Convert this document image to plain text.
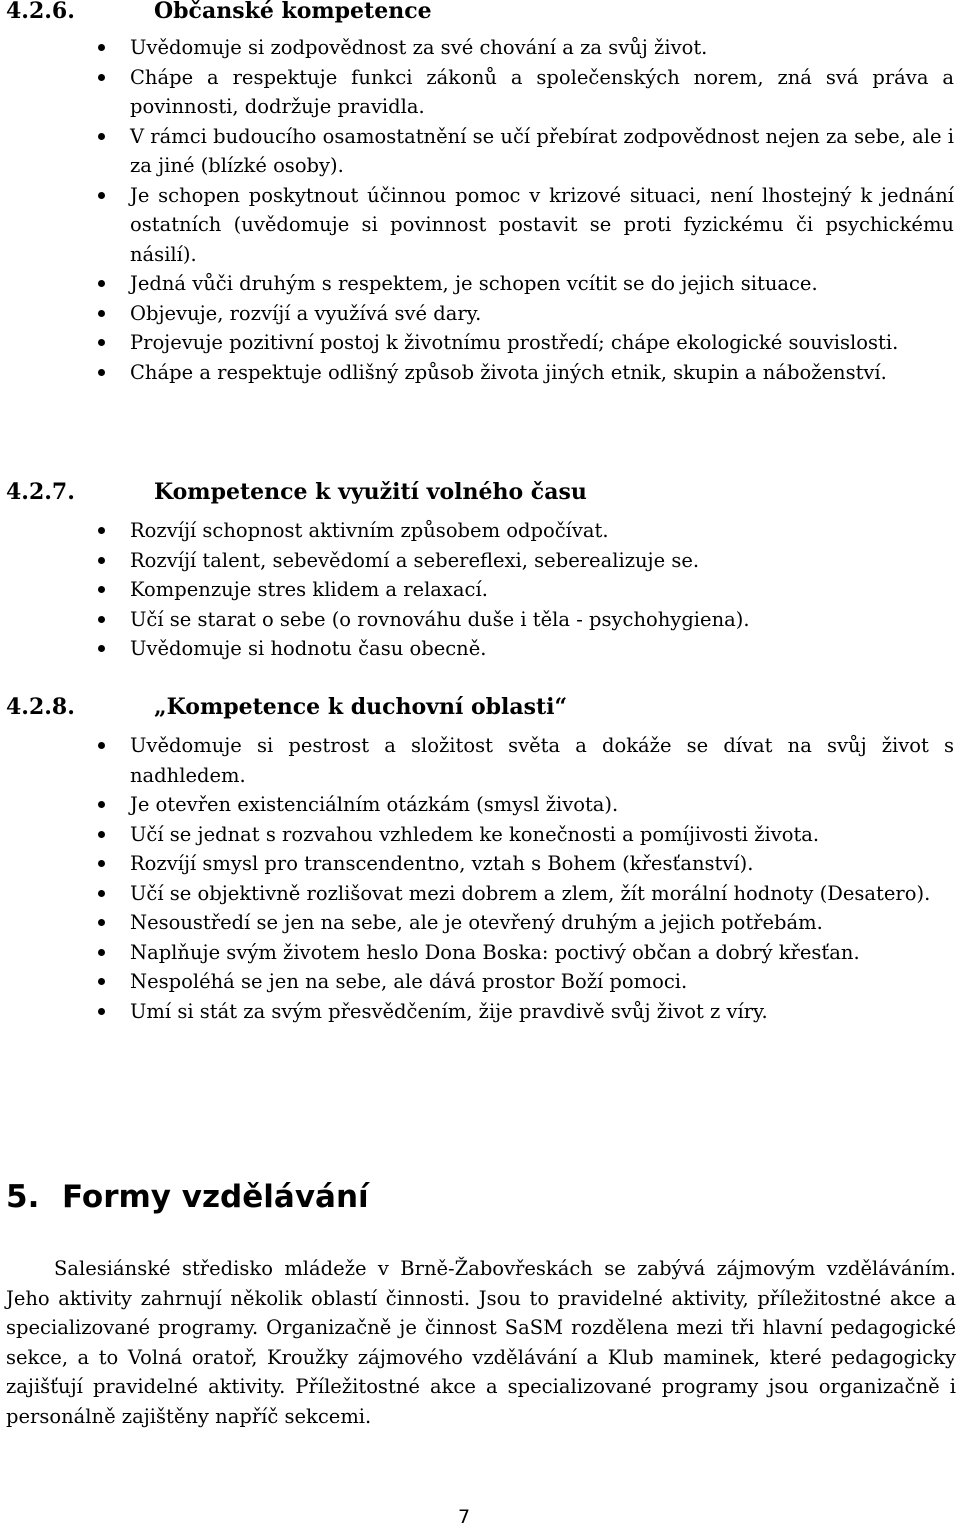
4.2.6.	Občanské kompetence
Uvědomuje si zodpovědnost za své chování a za svůj život.
Chápe a respektuje funkci zákonů a společenských norem, zná svá práva a povinnosti, dodržuje pravidla.
V rámci budoucího osamostatnění se učí přebírat zodpovědnost nejen za sebe, ale i za jiné (blízké osoby).
Je schopen poskytnout účinnou pomoc v krizové situaci, není lhostejný k jednání ostatních (uvědomuje si povinnost postavit se proti fyzickému či psychickému násilí).
Jedná vůči druhým s respektem, je schopen vcítit se do jejich situace.
Objevuje, rozvíjí a využívá své dary.
Projevuje pozitivní postoj k životnímu prostředí; chápe ekologické souvislosti.
Chápe a respektuje odlišný způsob života jiných etnik, skupin a náboženství.
4.2.7.	Kompetence k využití volného času
Rozvíjí schopnost aktivním způsobem odpočívat.
Rozvíjí talent, sebevědomí a sebereflexi, seberealizuje se.
Kompenzuje stres klidem a relaxací.
Učí se starat o sebe (o rovnováhu duše i těla - psychohygiena).
Uvědomuje si hodnotu času obecně.
4.2.8.	„Kompetence k duchovní oblasti“
Uvědomuje si pestrost a složitost světa a dokáže se dívat na svůj život s nadhledem.
Je otevřen existenciálním otázkám (smysl života).
Učí se jednat s rozvahou vzhledem ke konečnosti a pomíjivosti života.
Rozvíjí smysl pro transcendentno, vztah s Bohem (křesťanství).
Učí se objektivně rozlišovat mezi dobrem a zlem, žít morální hodnoty (Desatero).
Nesoustředí se jen na sebe, ale je otevřený druhým a jejich potřebám.
Naplňuje svým životem heslo Dona Boska: poctivý občan a dobrý křesťan.
Nespoléhá se jen na sebe, ale dává prostor Boží pomoci.
Umí si stát za svým přesvědčením, žije pravdivě svůj život z víry.
5. Formy vzdělávání

Salesiánské středisko mládeže v Brně-Žabovřeskách se zabývá zájmovým vzděláváním. Jeho aktivity zahrnují několik oblastí činnosti. Jsou to pravidelné aktivity, příležitostné akce a specializované programy. Organizačně je činnost SaSM rozdělena mezi tři hlavní pedagogické sekce, a to Volná oratoř, Kroužky zájmového vzdělávání a Klub maminek, které pedagogicky zajišťují pravidelné aktivity. Příležitostné akce a specializované programy jsou organizačně i personálně zajištěny napříč sekcemi.

7
